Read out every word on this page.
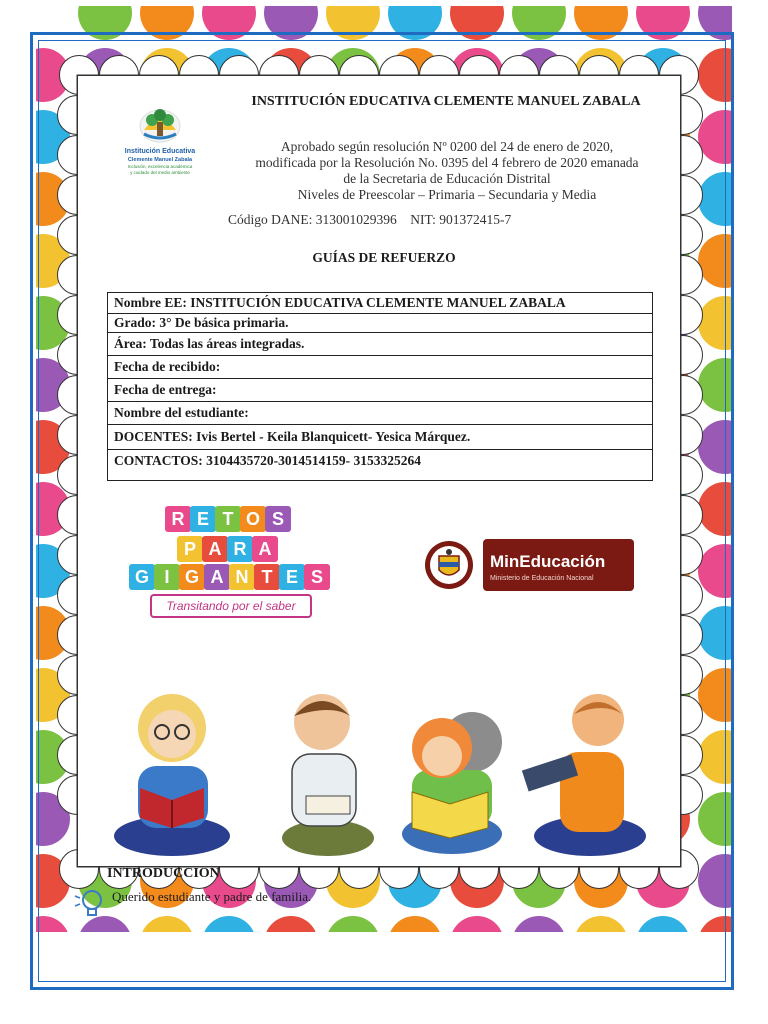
Institución Educativa
Clemente Manuel Zabala
Inclusión, excelencia académica
y cuidado del medio ambiente
INSTITUCIÓN EDUCATIVA CLEMENTE MANUEL ZABALA
Aprobado según resolución Nº 0200 del 24 de enero de 2020,
modificada por la Resolución No. 0395 del 4 febrero de 2020 emanada
de la Secretaria de Educación Distrital
Niveles de Preescolar – Primaria – Secundaria y Media
Código DANE: 313001029396    NIT: 901372415-7
GUÍAS DE REFUERZO
Nombre EE: INSTITUCIÓN EDUCATIVA CLEMENTE MANUEL ZABALA
Grado: 3° De básica primaria.
Área: Todas las áreas integradas.
Fecha de recibido:
Fecha de entrega:
Nombre del estudiante:
DOCENTES: Ivis Bertel - Keila Blanquicett- Yesica Márquez.
CONTACTOS: 3104435720-3014514159- 3153325264
Transitando por el saber
R E T O S
P A R A
G I G A N T E S
MinEducación
Ministerio de Educación Nacional
INTRODUCCION
Querido estudiante y padre de familia.
